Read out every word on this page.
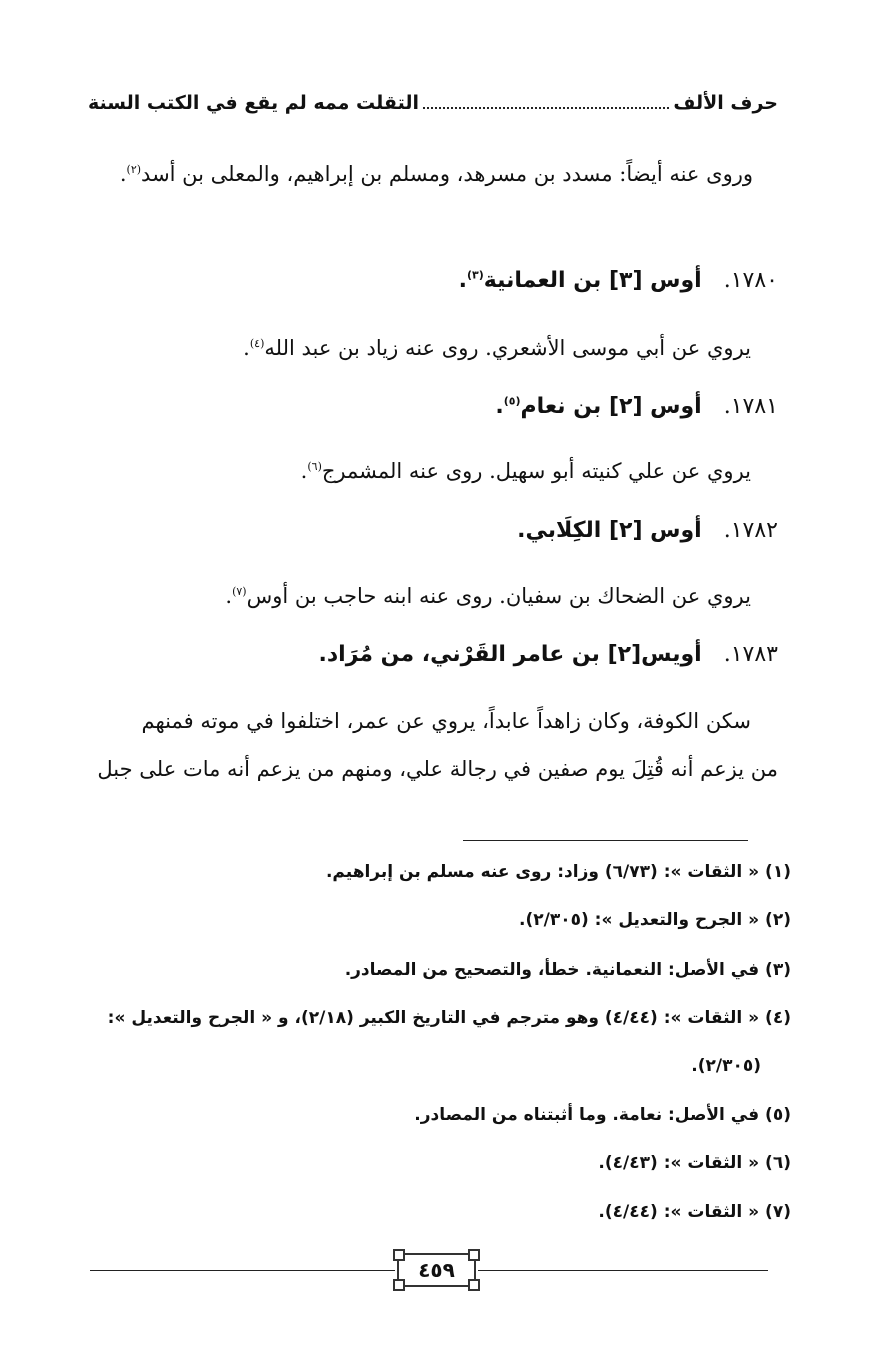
حرف الألف
التقلت ممه لم يقع في الكتب السنة
وروى عنه أيضاً: مسدد بن مسرهد، ومسلم بن إبراهيم، والمعلى بن أسد$^{(٢)}$.
١٧٨٠.أوس [٣] بن العمانية$^{(٣)}$.
يروي عن أبي موسى الأشعري. روى عنه زياد بن عبد الله$^{(٤)}$.
١٧٨١.أوس [٢] بن نعام$^{(٥)}$.
يروي عن علي كنيته أبو سهيل. روى عنه المشمرج$^{(٦)}$.
١٧٨٢.أوس [٢] الكِلَابي.
يروي عن الضحاك بن سفيان. روى عنه ابنه حاجب بن أوس$^{(٧)}$.
١٧٨٣.أويس[٢] بن عامر القَرْني، من مُرَاد.
سكن الكوفة، وكان زاهداً عابداً، يروي عن عمر، اختلفوا في موته فمنهم
من يزعم أنه قُتِلَ يوم صفين في رجالة علي، ومنهم من يزعم أنه مات على جبل
(١) « الثقات »: (٦/٧٣) وزاد: روى عنه مسلم بن إبراهيم.
(٢) « الجرح والتعديل »: (٢/٣٠٥).
(٣) في الأصل: النعمانية. خطأ، والتصحيح من المصادر.
(٤) « الثقات »: (٤/٤٤) وهو مترجم في التاريخ الكبير (٢/١٨)، و « الجرح والتعديل »:
(٢/٣٠٥).
(٥) في الأصل: نعامة. وما أثبتناه من المصادر.
(٦) « الثقات »: (٤/٤٣).
(٧) « الثقات »: (٤/٤٤).
٤٥٩
